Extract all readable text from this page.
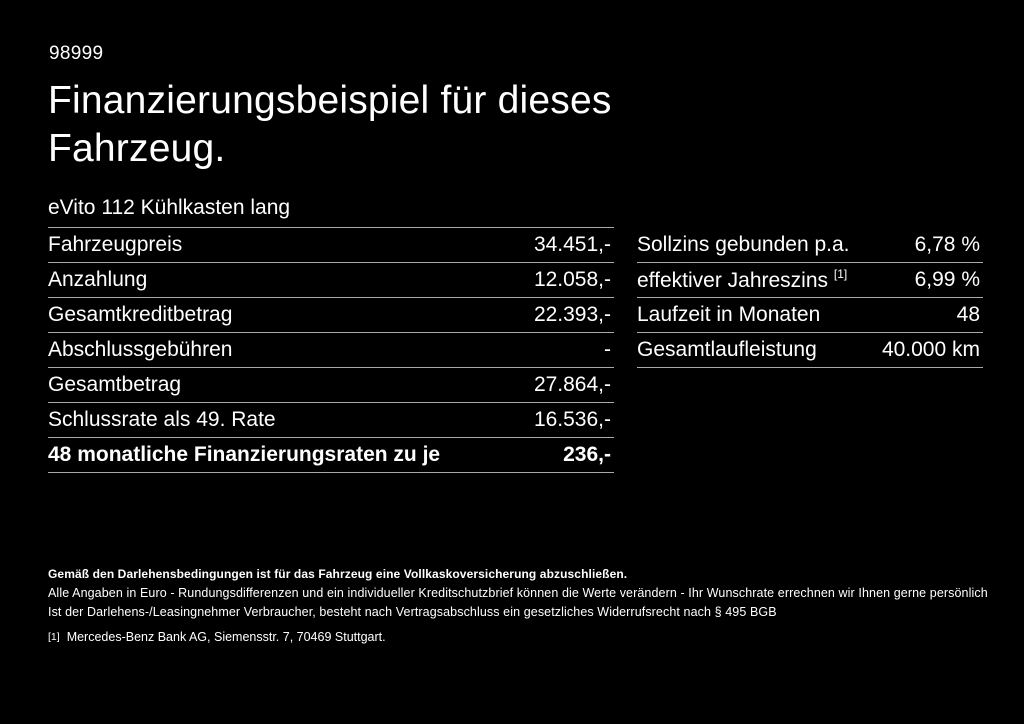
98999
Finanzierungsbeispiel für dieses
Fahrzeug.
eVito 112 Kühlkasten lang
Fahrzeugpreis	34.451,-
Anzahlung	12.058,-
Gesamtkreditbetrag	22.393,-
Abschlussgebühren	-
Gesamtbetrag	27.864,-
Schlussrate als 49. Rate	16.536,-
48 monatliche Finanzierungsraten zu je	236,-
Sollzins gebunden p.a.	6,78 %
effektiver Jahreszins [1]	6,99 %
Laufzeit in Monaten	48
Gesamtlaufleistung	40.000 km

Gemäß den Darlehensbedingungen ist für das Fahrzeug eine Vollkaskoversicherung abzuschließen.

Alle Angaben in Euro - Rundungsdifferenzen und ein individueller Kreditschutzbrief können die Werte verändern - Ihr Wunschrate errechnen wir Ihnen gerne persönlich

Ist der Darlehens-/Leasingnehmer Verbraucher, besteht nach Vertragsabschluss ein gesetzliches Widerrufsrecht nach § 495 BGB

[1] Mercedes-Benz Bank AG, Siemensstr. 7, 70469 Stuttgart.
